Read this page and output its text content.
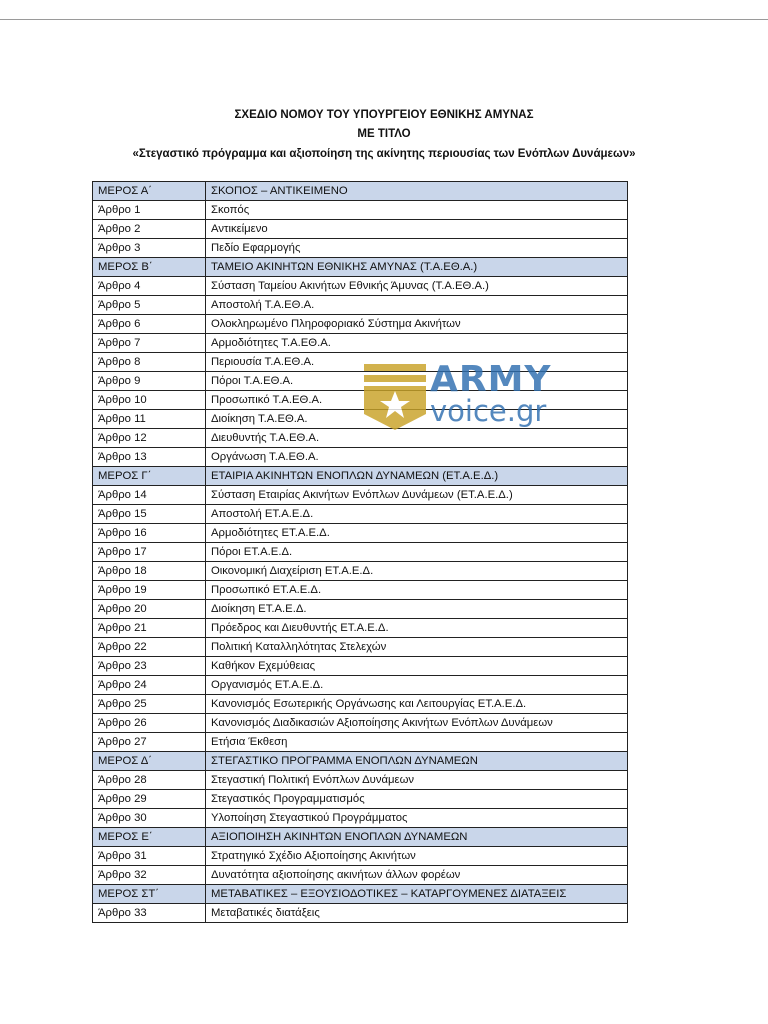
ΣΧΕΔΙΟ ΝΟΜΟΥ ΤΟΥ ΥΠΟΥΡΓΕΙΟΥ ΕΘΝΙΚΗΣ ΑΜΥΝΑΣ
ΜΕ ΤΙΤΛΟ
«Στεγαστικό πρόγραμμα και αξιοποίηση της ακίνητης περιουσίας των Ενόπλων Δυνάμεων»
ΜΕΡΟΣ Α΄	ΣΚΟΠΟΣ – ΑΝΤΙΚΕΙΜΕΝΟ
Άρθρο 1	Σκοπός
Άρθρο 2	Αντικείμενο
Άρθρο 3	Πεδίο Εφαρμογής
ΜΕΡΟΣ Β΄	ΤΑΜΕΙΟ ΑΚΙΝΗΤΩΝ ΕΘΝΙΚΗΣ ΑΜΥΝΑΣ (Τ.Α.ΕΘ.Α.)
Άρθρο 4	Σύσταση Ταμείου Ακινήτων Εθνικής Άμυνας (Τ.Α.ΕΘ.Α.)
Άρθρο 5	Αποστολή Τ.Α.ΕΘ.Α.
Άρθρο 6	Ολοκληρωμένο Πληροφοριακό Σύστημα Ακινήτων
Άρθρο 7	Αρμοδιότητες Τ.Α.ΕΘ.Α.
Άρθρο 8	Περιουσία Τ.Α.ΕΘ.Α.
Άρθρο 9	Πόροι Τ.Α.ΕΘ.Α.
Άρθρο 10	Προσωπικό Τ.Α.ΕΘ.Α.
Άρθρο 11	Διοίκηση Τ.Α.ΕΘ.Α.
Άρθρο 12	Διευθυντής Τ.Α.ΕΘ.Α.
Άρθρο 13	Οργάνωση Τ.Α.ΕΘ.Α.
ΜΕΡΟΣ Γ΄	ΕΤΑΙΡΙΑ ΑΚΙΝΗΤΩΝ ΕΝΟΠΛΩΝ ΔΥΝΑΜΕΩΝ (ΕΤ.Α.Ε.Δ.)
Άρθρο 14	Σύσταση Εταιρίας Ακινήτων Ενόπλων Δυνάμεων (ΕΤ.Α.Ε.Δ.)
Άρθρο 15	Αποστολή ΕΤ.Α.Ε.Δ.
Άρθρο 16	Αρμοδιότητες ΕΤ.Α.Ε.Δ.
Άρθρο 17	Πόροι ΕΤ.Α.Ε.Δ.
Άρθρο 18	Οικονομική Διαχείριση ΕΤ.Α.Ε.Δ.
Άρθρο 19	Προσωπικό ΕΤ.Α.Ε.Δ.
Άρθρο 20	Διοίκηση ΕΤ.Α.Ε.Δ.
Άρθρο 21	Πρόεδρος και Διευθυντής ΕΤ.Α.Ε.Δ.
Άρθρο 22	Πολιτική Καταλληλότητας Στελεχών
Άρθρο 23	Καθήκον Εχεμύθειας
Άρθρο 24	Οργανισμός ΕΤ.Α.Ε.Δ.
Άρθρο 25	Κανονισμός Εσωτερικής Οργάνωσης και Λειτουργίας ΕΤ.Α.Ε.Δ.
Άρθρο 26	Κανονισμός Διαδικασιών Αξιοποίησης Ακινήτων Ενόπλων Δυνάμεων
Άρθρο 27	Ετήσια Έκθεση
ΜΕΡΟΣ Δ΄	ΣΤΕΓΑΣΤΙΚΟ ΠΡΟΓΡΑΜΜΑ ΕΝΟΠΛΩΝ ΔΥΝΑΜΕΩΝ
Άρθρο 28	Στεγαστική Πολιτική Ενόπλων Δυνάμεων
Άρθρο 29	Στεγαστικός Προγραμματισμός
Άρθρο 30	Υλοποίηση Στεγαστικού Προγράμματος
ΜΕΡΟΣ Ε΄	ΑΞΙΟΠΟΙΗΣΗ ΑΚΙΝΗΤΩΝ ΕΝΟΠΛΩΝ ΔΥΝΑΜΕΩΝ
Άρθρο 31	Στρατηγικό Σχέδιο Αξιοποίησης Ακινήτων
Άρθρο 32	Δυνατότητα αξιοποίησης ακινήτων άλλων φορέων
ΜΕΡΟΣ ΣΤ΄	ΜΕΤΑΒΑΤΙΚΕΣ – ΕΞΟΥΣΙΟΔΟΤΙΚΕΣ – ΚΑΤΑΡΓΟΥΜΕΝΕΣ ΔΙΑΤΑΞΕΙΣ
Άρθρο 33	Μεταβατικές διατάξεις
ARMY
voice.gr
